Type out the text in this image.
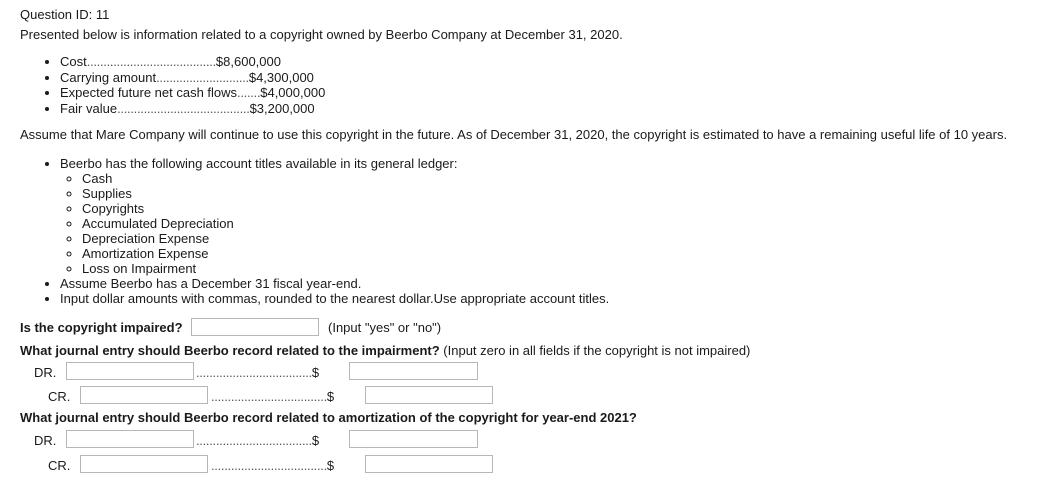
Question ID: 11
Presented below is information related to a copyright owned by Beerbo Company at December 31, 2020.
• Cost.......................................$8,600,000
• Carrying amount............................$4,300,000
• Expected future net cash flows.......$4,000,000
• Fair value........................................$3,200,000
Assume that Mare Company will continue to use this copyright in the future. As of December 31, 2020, the copyright is estimated to have a remaining useful life of 10 years.
• Beerbo has the following account titles available in its general ledger:
◦ Cash
◦ Supplies
◦ Copyrights
◦ Accumulated Depreciation
◦ Depreciation Expense
◦ Amortization Expense
◦ Loss on Impairment
• Assume Beerbo has a December 31 fiscal year-end.
• Input dollar amounts with commas, rounded to the nearest dollar.Use appropriate account titles.
Is the copyright impaired?	(Input "yes" or "no")
What journal entry should Beerbo record related to the impairment? (Input zero in all fields if the copyright is not impaired)
DR.	...................................$
CR.	...................................$
What journal entry should Beerbo record related to amortization of the copyright for year-end 2021?
DR.	...................................$
CR.	...................................$
